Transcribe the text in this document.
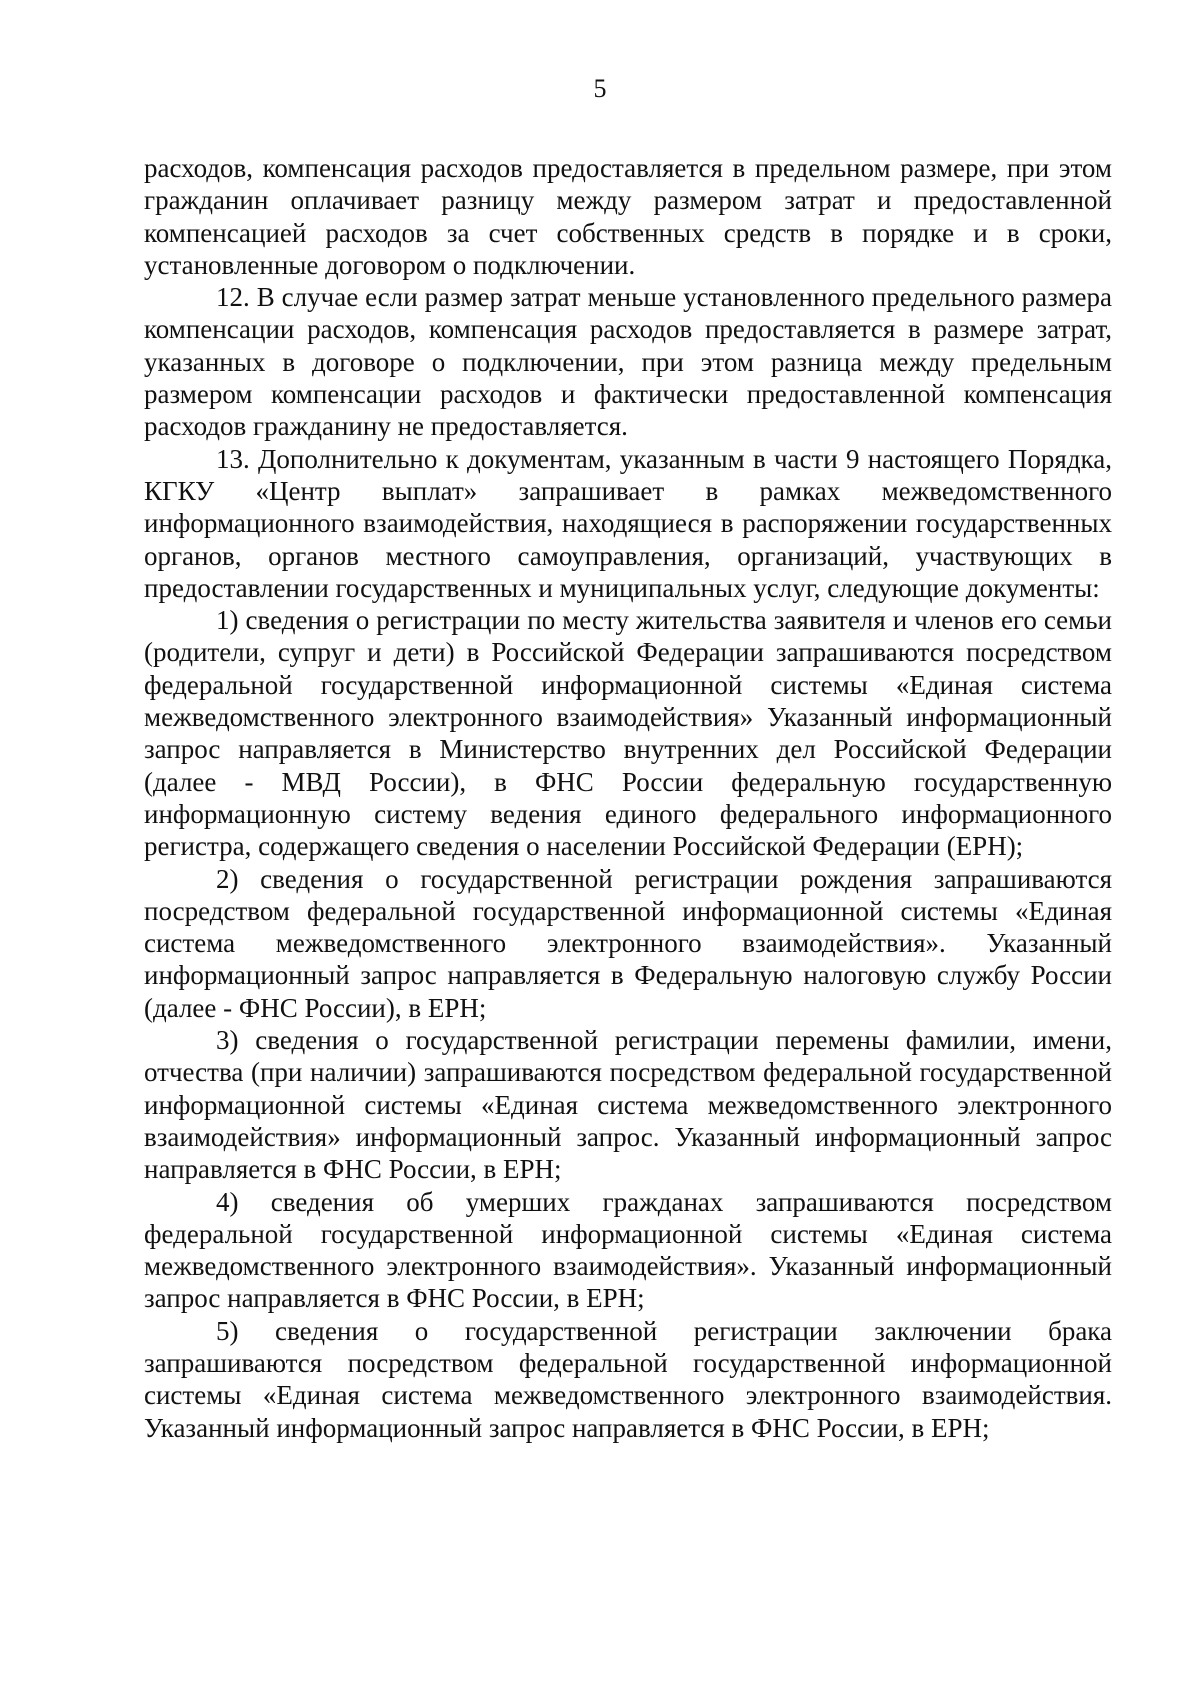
5

расходов, компенсация расходов предоставляется в предельном размере, при этом гражданин оплачивает разницу между размером затрат и предоставленной компенсацией расходов за счет собственных средств в порядке и в сроки, установленные договором о подключении.

12. В случае если размер затрат меньше установленного предельного размера компенсации расходов, компенсация расходов предоставляется в размере затрат, указанных в договоре о подключении, при этом разница между предельным размером компенсации расходов и фактически предоставленной компенсация расходов гражданину не предоставляется.

13. Дополнительно к документам, указанным в части 9 настоящего Порядка, КГКУ «Центр выплат» запрашивает в рамках межведомственного информационного взаимодействия, находящиеся в распоряжении государственных органов, органов местного самоуправления, организаций, участвующих в предоставлении государственных и муниципальных услуг, следующие документы:

1) сведения о регистрации по месту жительства заявителя и членов его семьи (родители, супруг и дети) в Российской Федерации запрашиваются посредством федеральной государственной информационной системы «Единая система межведомственного электронного взаимодействия» Указанный информационный запрос направляется в Министерство внутренних дел Российской Федерации (далее - МВД России), в ФНС России федеральную государственную информационную систему ведения единого федерального информационного регистра, содержащего сведения о населении Российской Федерации (ЕРН);

2) сведения о государственной регистрации рождения запрашиваются посредством федеральной государственной информационной системы «Единая система межведомственного электронного взаимодействия». Указанный информационный запрос направляется в Федеральную налоговую службу России (далее - ФНС России), в ЕРН;

3) сведения о государственной регистрации перемены фамилии, имени, отчества (при наличии) запрашиваются посредством федеральной государственной информационной системы «Единая система межведомственного электронного взаимодействия» информационный запрос. Указанный информационный запрос направляется в ФНС России, в ЕРН;

4) сведения об умерших гражданах запрашиваются посредством федеральной государственной информационной системы «Единая система межведомственного электронного взаимодействия». Указанный информационный запрос направляется в ФНС России, в ЕРН;

5) сведения о государственной регистрации заключении брака запрашиваются посредством федеральной государственной информационной системы «Единая система межведомственного электронного взаимодействия. Указанный информационный запрос направляется в ФНС России, в ЕРН;
